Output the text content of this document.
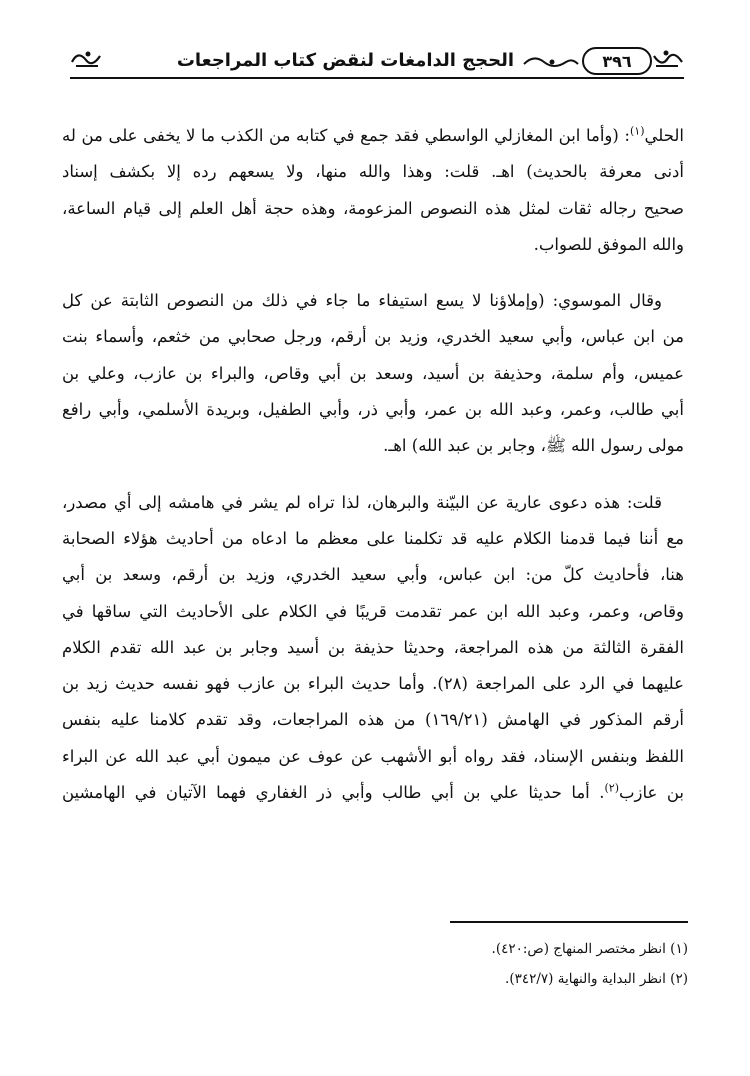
٣٩٦
الحجج الدامغات لنقض كتاب المراجعات
الحلي$^{(١)}$: (وأما ابن المغازلي الواسطي فقد جمع في كتابه من الكذب ما لا يخفى على من له
أدنى معرفة بالحديث) اهـ. قلت: وهذا والله منها، ولا يسعهم رده إلا بكشف إسناد
صحيح رجاله ثقات لمثل هذه النصوص المزعومة، وهذه حجة أهل العلم إلى قيام الساعة،
والله الموفق للصواب.
وقال الموسوي: (وإملاؤنا لا يسع استيفاء ما جاء في ذلك من النصوص الثابتة عن كل
من ابن عباس، وأبي سعيد الخدري، وزيد بن أرقم، ورجل صحابي من خثعم، وأسماء بنت
عميس، وأم سلمة، وحذيفة بن أسيد، وسعد بن أبي وقاص، والبراء بن عازب، وعلي بن
أبي طالب، وعمر، وعبد الله بن عمر، وأبي ذر، وأبي الطفيل، وبريدة الأسلمي، وأبي رافع
مولى رسول الله ﷺ، وجابر بن عبد الله) اهـ.
قلت: هذه دعوى عارية عن البيّنة والبرهان، لذا تراه لم يشر في هامشه إلى أي مصدر،
مع أننا فيما قدمنا الكلام عليه قد تكلمنا على معظم ما ادعاه من أحاديث هؤلاء الصحابة
هنا، فأحاديث كلّ من: ابن عباس، وأبي سعيد الخدري، وزيد بن أرقم، وسعد بن أبي
وقاص، وعمر، وعبد الله ابن عمر تقدمت قريبًا في الكلام على الأحاديث التي ساقها في
الفقرة الثالثة من هذه المراجعة، وحديثا حذيفة بن أسيد وجابر بن عبد الله تقدم الكلام
عليهما في الرد على المراجعة (٢٨). وأما حديث البراء بن عازب فهو نفسه حديث زيد بن
أرقم المذكور في الهامش (١٦٩/٢١) من هذه المراجعات، وقد تقدم كلامنا عليه بنفس
اللفظ وبنفس الإسناد، فقد رواه أبو الأشهب عن عوف عن ميمون أبي عبد الله عن البراء
بن عازب$^{(٢)}$. أما حديثا علي بن أبي طالب وأبي ذر الغفاري فهما الآتيان في الهامشين
(١) انظر مختصر المنهاج (ص:٤٢٠).
(٢) انظر البداية والنهاية (٣٤٢/٧).
